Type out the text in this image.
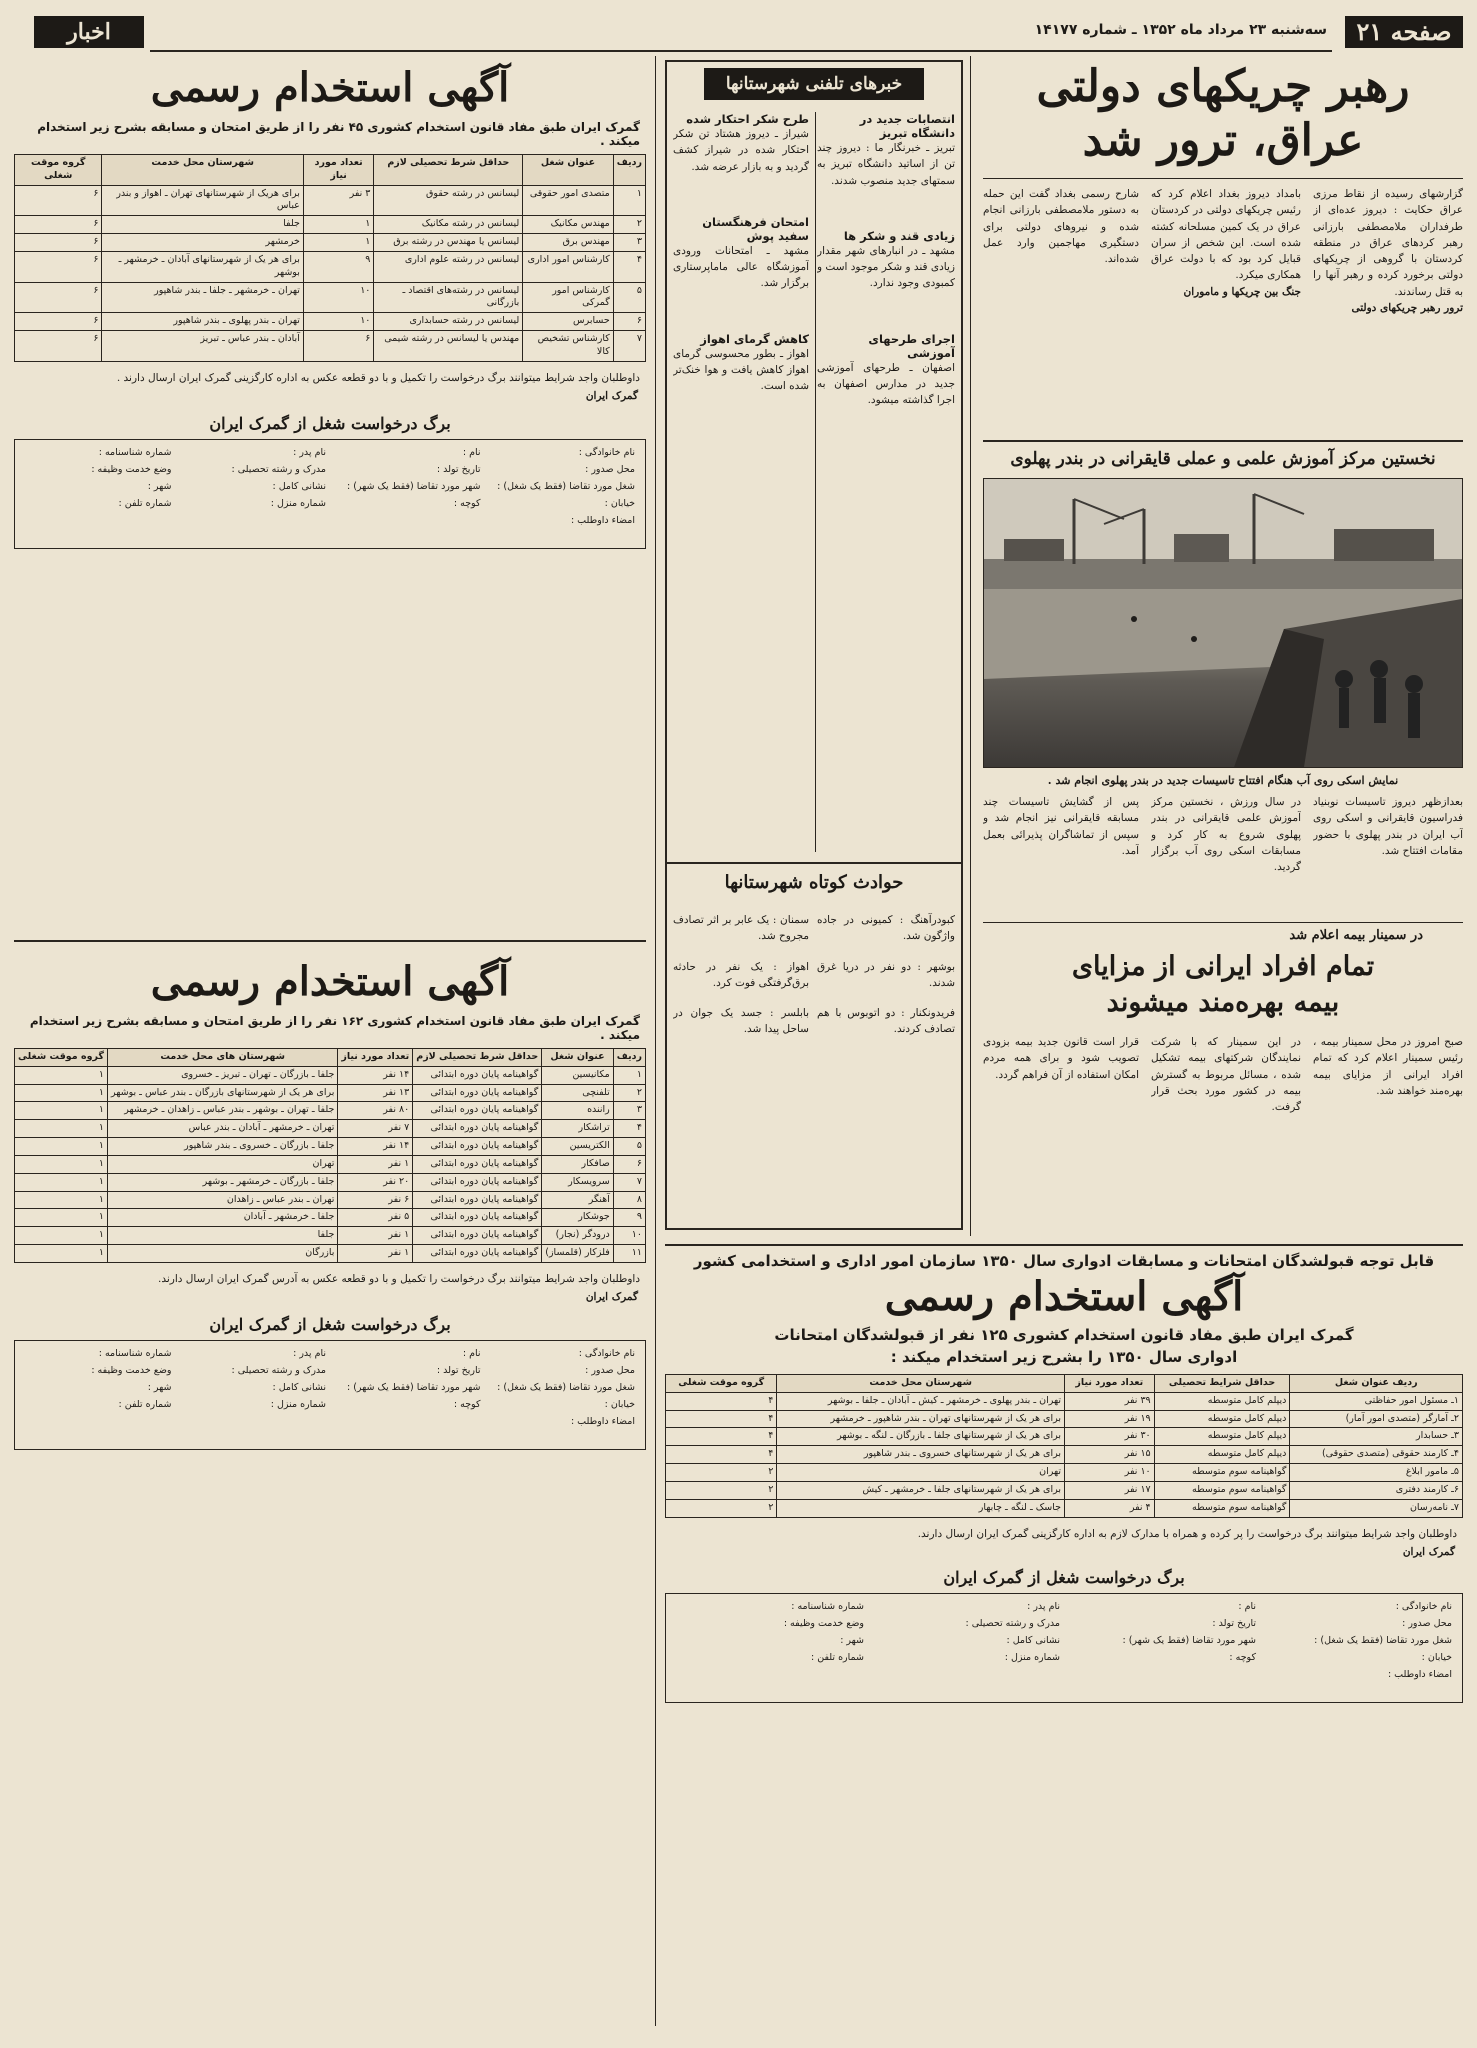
صفحه ۲۱
سه‌شنبه ۲۳ مرداد ماه ۱۳۵۲ ـ شماره ۱۴۱۷۷
اخبار
رهبر چریکهای دولتی
عراق، ترور شد
گزارشهای رسیده از نقاط مرزی عراق حکایت : دیروز عده‌ای از طرفداران ملامصطفی بارزانی رهبر کردهای عراق در منطقه کردستان با گروهی از چریکهای دولتی برخورد کرده و رهبر آنها را به قتل رساندند.
ترور رهبر چریکهای دولتی
بامداد دیروز بغداد اعلام کرد که رئیس چریکهای دولتی در کردستان عراق در یک کمین مسلحانه کشته شده است. این شخص از سران قبایل کرد بود که با دولت عراق همکاری میکرد.
جنگ بین چریکها و ماموران
شارح رسمی بغداد گفت این حمله به دستور ملامصطفی بارزانی انجام شده و نیروهای دولتی برای دستگیری مهاجمین وارد عمل شده‌اند.
نخستین مرکز آموزش علمی و عملی قایقرانی در بندر پهلوی
نمایش اسکی روی آب هنگام افتتاح تاسیسات جدید در بندر پهلوی انجام شد .
بعدازظهر دیروز تاسیسات نوبنیاد فدراسیون قایقرانی و اسکی روی آب ایران در بندر پهلوی با حضور مقامات افتتاح شد.
در سال ورزش ، نخستین مرکز آموزش علمی قایقرانی در بندر پهلوی شروع به کار کرد و مسابقات اسکی روی آب برگزار گردید.
پس از گشایش تاسیسات چند مسابقه قایقرانی نیز انجام شد و سپس از تماشاگران پذیرائی بعمل آمد.
در سمینار بیمه اعلام شد
تمام افراد ایرانی از مزایای
بیمه بهره‌مند میشوند
صبح امروز در محل سمینار بیمه ، رئیس سمینار اعلام کرد که تمام افراد ایرانی از مزایای بیمه بهره‌مند خواهند شد.
در این سمینار که با شرکت نمایندگان شرکتهای بیمه تشکیل شده ، مسائل مربوط به گسترش بیمه در کشور مورد بحث قرار گرفت.
قرار است قانون جدید بیمه بزودی تصویب شود و برای همه مردم امکان استفاده از آن فراهم گردد.
خبرهای تلفنی شهرستانها
انتصابات جدید در دانشگاه تبریز
تبریز ـ خبرنگار ما : دیروز چند تن از اساتید دانشگاه تبریز به سمتهای جدید منصوب شدند.
زیادی قند و شکر ها
مشهد ـ در انبارهای شهر مقدار زیادی قند و شکر موجود است و کمبودی وجود ندارد.
اجرای طرحهای آموزشی
اصفهان ـ طرحهای آموزشی جدید در مدارس اصفهان به اجرا گذاشته میشود.
طرح شکر احتکار شده
شیراز ـ دیروز هشتاد تن شکر احتکار شده در شیراز کشف گردید و به بازار عرضه شد.
امتحان فرهنگستان سفید پوش
مشهد ـ امتحانات ورودی آموزشگاه عالی ماماپرستاری برگزار شد.
کاهش گرمای اهواز
اهواز ـ بطور محسوسی گرمای اهواز کاهش یافت و هوا خنک‌تر شده است.
حوادث کوتاه شهرستانها
کبودرآهنگ : کمیونی در جاده واژگون شد.
بوشهر : دو نفر در دریا غرق شدند.
فریدونکنار : دو اتوبوس با هم تصادف کردند.
سمنان : یک عابر بر اثر تصادف مجروح شد.
اهواز : یک نفر در حادثه برق‌گرفتگی فوت کرد.
بابلسر : جسد یک جوان در ساحل پیدا شد.
آگهی استخدام رسمی
گمرک ایران طبق مفاد قانون استخدام کشوری ۴۵ نفر را از طریق امتحان و مسابقه بشرح زیر استخدام میکند .
ردیف	عنوان شغل	حداقل شرط تحصیلی لازم	تعداد مورد نیاز	شهرستان محل خدمت	گروه موقت شغلی
۱	متصدی امور حقوقی	لیسانس در رشته حقوق	۳ نفر	برای هریک از شهرستانهای تهران ـ اهواز و بندر عباس	۶
۲	مهندس مکانیک	لیسانس در رشته مکانیک	۱	جلفا	۶
۳	مهندس برق	لیسانس یا مهندس در رشته برق	۱	خرمشهر	۶
۴	کارشناس امور اداری	لیسانس در رشته علوم اداری	۹	برای هر یک از شهرستانهای آبادان ـ خرمشهر ـ بوشهر	۶
۵	کارشناس امور گمرکی	لیسانس در رشته‌های اقتصاد ـ بازرگانی	۱۰	تهران ـ خرمشهر ـ جلفا ـ بندر شاهپور	۶
۶	حسابرس	لیسانس در رشته حسابداری	۱۰	تهران ـ بندر پهلوی ـ بندر شاهپور	۶
۷	کارشناس تشخیص کالا	مهندس یا لیسانس در رشته شیمی	۶	آبادان ـ بندر عباس ـ تبریز	۶
داوطلبان واجد شرایط میتوانند برگ درخواست را تکمیل و با دو قطعه عکس به اداره کارگزینی گمرک ایران ارسال دارند .
گمرک ایران
برگ درخواست شغل از گمرک ایران
نام خانوادگی :
نام :
نام پدر :
شماره شناسنامه :
محل صدور :
تاریخ تولد :
مدرک و رشته تحصیلی :
وضع خدمت وظیفه :
شغل مورد تقاضا (فقط یک شغل) :
شهر مورد تقاضا (فقط یک شهر) :
نشانی کامل :
شهر :
خیابان :
کوچه :
شماره منزل :
شماره تلفن :
امضاء داوطلب :
آگهی استخدام رسمی
گمرک ایران طبق مفاد قانون استخدام کشوری ۱۶۲ نفر را از طریق امتحان و مسابقه بشرح زیر استخدام میکند .
ردیف	عنوان شغل	حداقل شرط تحصیلی لازم	تعداد مورد نیاز	شهرستان های محل خدمت	گروه موقت شغلی
۱	مکانیسین	گواهینامه پایان دوره ابتدائی	۱۴ نفر	جلفا ـ بازرگان ـ تهران ـ تبریز ـ خسروی	۱
۲	تلفنچی	گواهینامه پایان دوره ابتدائی	۱۳ نفر	برای هر یک از شهرستانهای بازرگان ـ بندر عباس ـ بوشهر	۱
۳	راننده	گواهینامه پایان دوره ابتدائی	۸۰ نفر	جلفا ـ تهران ـ بوشهر ـ بندر عباس ـ زاهدان ـ خرمشهر	۱
۴	تراشکار	گواهینامه پایان دوره ابتدائی	۷ نفر	تهران ـ خرمشهر ـ آبادان ـ بندر عباس	۱
۵	الکتریسین	گواهینامه پایان دوره ابتدائی	۱۴ نفر	جلفا ـ بازرگان ـ خسروی ـ بندر شاهپور	۱
۶	صافکار	گواهینامه پایان دوره ابتدائی	۱ نفر	تهران	۱
۷	سرویسکار	گواهینامه پایان دوره ابتدائی	۲۰ نفر	جلفا ـ بازرگان ـ خرمشهر ـ بوشهر	۱
۸	آهنگر	گواهینامه پایان دوره ابتدائی	۶ نفر	تهران ـ بندر عباس ـ زاهدان	۱
۹	جوشکار	گواهینامه پایان دوره ابتدائی	۵ نفر	جلفا ـ خرمشهر ـ آبادان	۱
۱۰	درودگر (نجار)	گواهینامه پایان دوره ابتدائی	۱ نفر	جلفا	۱
۱۱	فلزکار (قلمساز)	گواهینامه پایان دوره ابتدائی	۱ نفر	بازرگان	۱
داوطلبان واجد شرایط میتوانند برگ درخواست را تکمیل و با دو قطعه عکس به آدرس گمرک ایران ارسال دارند.
گمرک ایران
برگ درخواست شغل از گمرک ایران
نام خانوادگی :
نام :
نام پدر :
شماره شناسنامه :
محل صدور :
تاریخ تولد :
مدرک و رشته تحصیلی :
وضع خدمت وظیفه :
شغل مورد تقاضا (فقط یک شغل) :
شهر مورد تقاضا (فقط یک شهر) :
نشانی کامل :
شهر :
خیابان :
کوچه :
شماره منزل :
شماره تلفن :
امضاء داوطلب :
قابل توجه قبولشدگان امتحانات و مسابقات ادواری سال ۱۳۵۰ سازمان امور اداری و استخدامی کشور
آگهی استخدام رسمی
گمرک ایران طبق مفاد قانون استخدام کشوری ۱۲۵ نفر از قبولشدگان امتحانات
ادواری سال ۱۳۵۰ را بشرح زیر استخدام میکند :
ردیف عنوان شغل	حداقل شرایط تحصیلی	تعداد مورد نیاز	شهرستان محل خدمت	گروه موقت شغلی
۱ـ مسئول امور حفاظتی	دیپلم کامل متوسطه	۳۹ نفر	تهران ـ بندر پهلوی ـ خرمشهر ـ کیش ـ آبادان ـ جلفا ـ بوشهر	۴
۲ـ آمارگر (متصدی امور آمار)	دیپلم کامل متوسطه	۱۹ نفر	برای هر یک از شهرستانهای تهران ـ بندر شاهپور ـ خرمشهر	۴
۳ـ حسابدار	دیپلم کامل متوسطه	۳۰ نفر	برای هر یک از شهرستانهای جلفا ـ بازرگان ـ لنگه ـ بوشهر	۴
۴ـ کارمند حقوقی (متصدی حقوقی)	دیپلم کامل متوسطه	۱۵ نفر	برای هر یک از شهرستانهای خسروی ـ بندر شاهپور	۴
۵ـ مامور ابلاغ	گواهینامه سوم متوسطه	۱۰ نفر	تهران	۲
۶ـ کارمند دفتری	گواهینامه سوم متوسطه	۱۷ نفر	برای هر یک از شهرستانهای جلفا ـ خرمشهر ـ کیش	۲
۷ـ نامه‌رسان	گواهینامه سوم متوسطه	۴ نفر	جاسک ـ لنگه ـ چابهار	۲
داوطلبان واجد شرایط میتوانند برگ درخواست را پر کرده و همراه با مدارک لازم به اداره کارگزینی گمرک ایران ارسال دارند.
گمرک ایران
برگ درخواست شغل از گمرک ایران
نام خانوادگی :
نام :
نام پدر :
شماره شناسنامه :
محل صدور :
تاریخ تولد :
مدرک و رشته تحصیلی :
وضع خدمت وظیفه :
شغل مورد تقاضا (فقط یک شغل) :
شهر مورد تقاضا (فقط یک شهر) :
نشانی کامل :
شهر :
خیابان :
کوچه :
شماره منزل :
شماره تلفن :
امضاء داوطلب :
